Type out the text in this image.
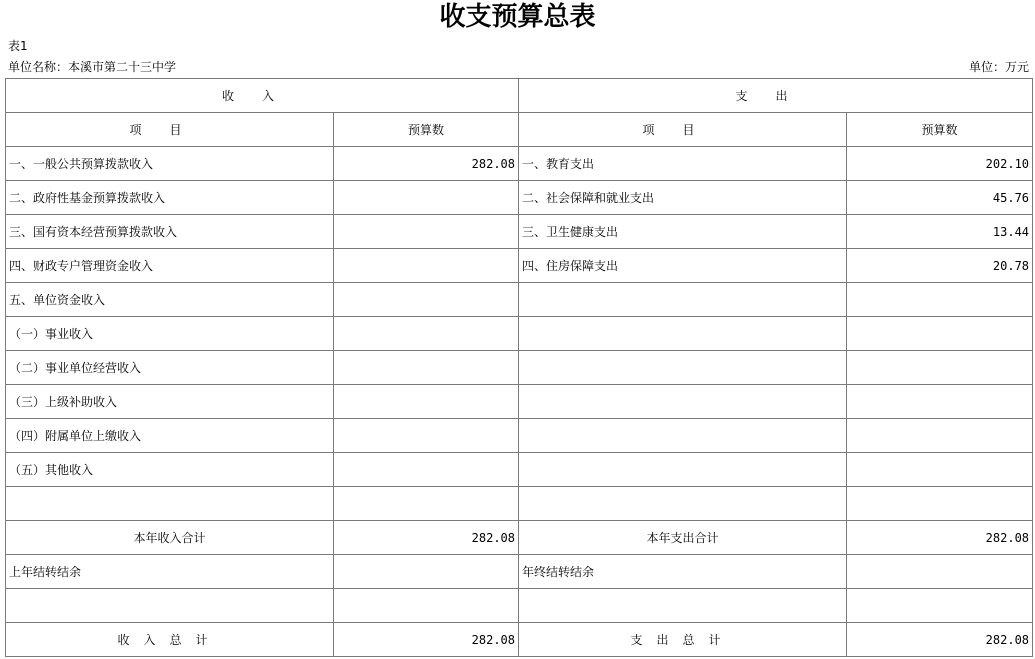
收支预算总表
表1
单位名称：本溪市第二十三中学	单位：万元
收入		支出	
项目	预算数	项目	预算数
一、一般公共预算拨款收入	282.08	一、教育支出	202.10
二、政府性基金预算拨款收入		二、社会保障和就业支出	45.76
三、国有资本经营预算拨款收入		三、卫生健康支出	13.44
四、财政专户管理资金收入		四、住房保障支出	20.78
五、单位资金收入			
（一）事业收入			
（二）事业单位经营收入			
（三）上级补助收入			
（四）附属单位上缴收入			
（五）其他收入			

本年收入合计	282.08	本年支出合计	282.08
上年结转结余		年终结转结余	

收入总计	282.08	支出总计	282.08
